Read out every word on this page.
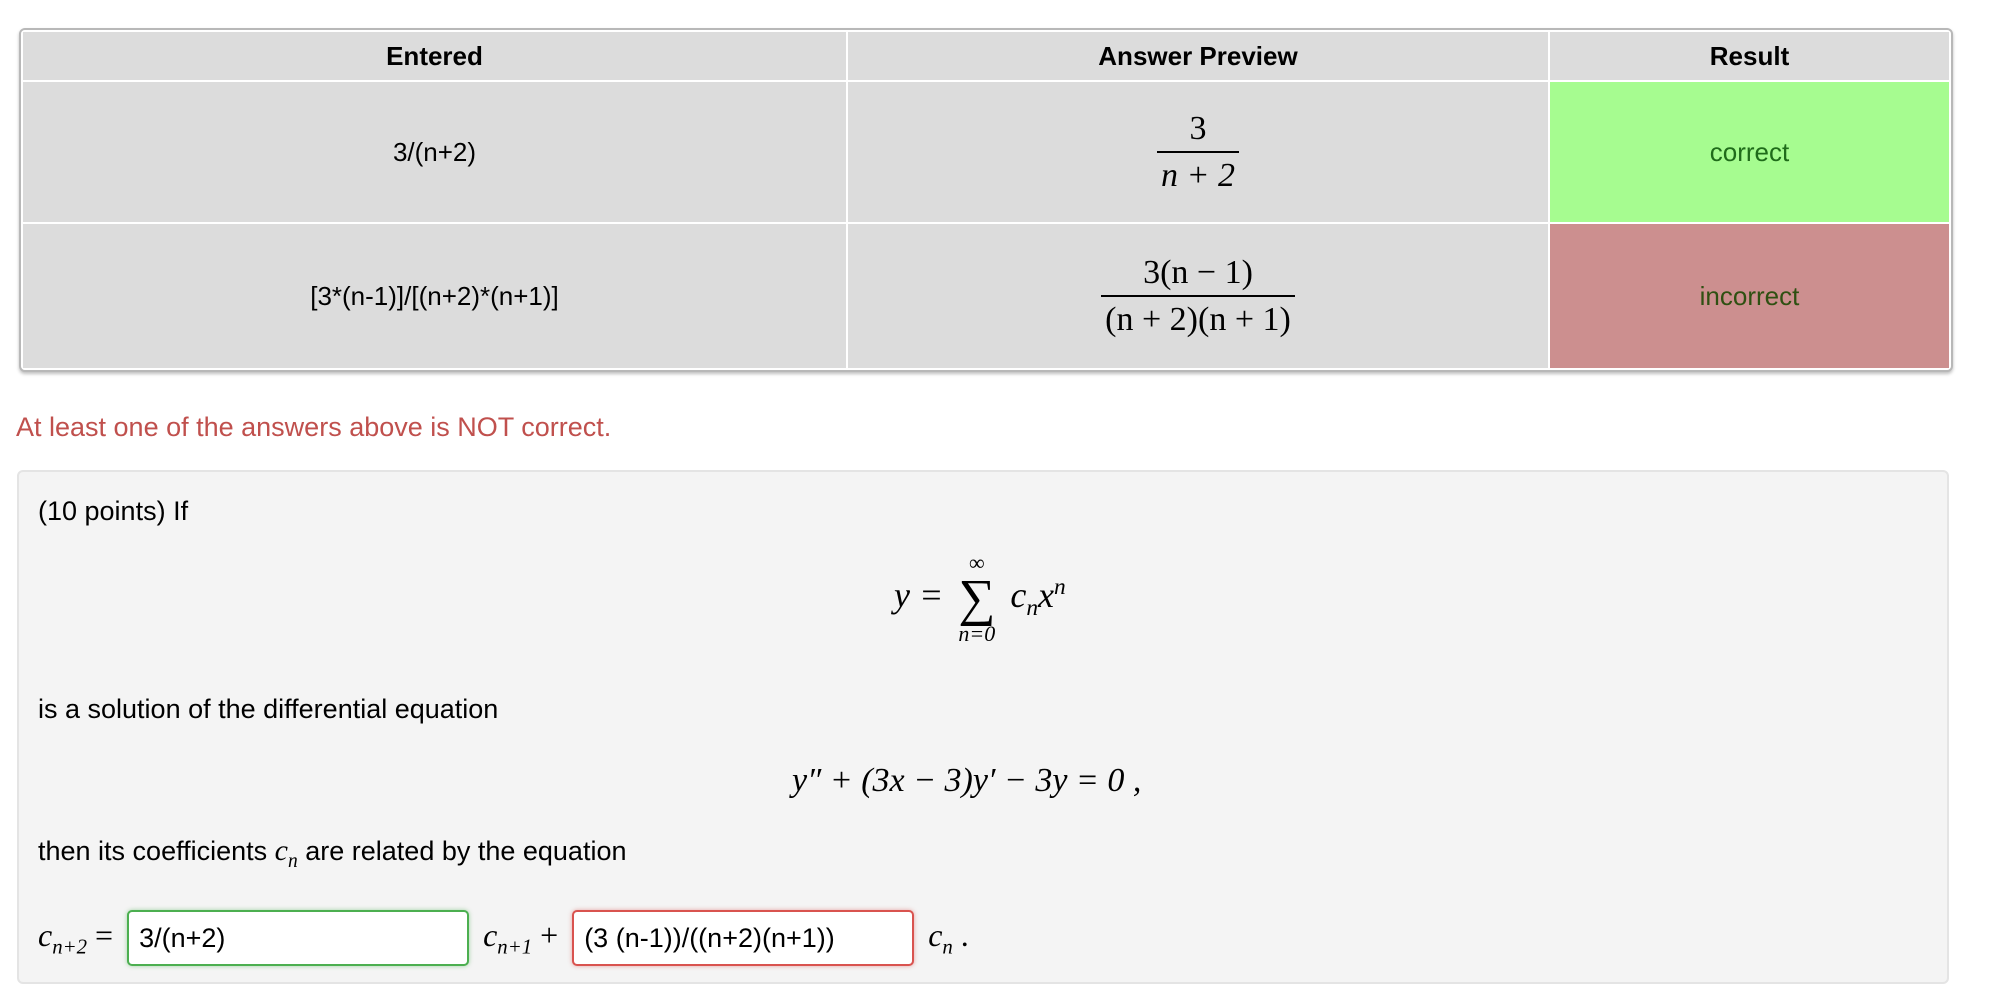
Entered	Answer Preview	Result
3/(n+2)	$\frac{3}{n + 2}$	correct
[3*(n-1)]/[(n+2)*(n+1)]	$\frac{3(n - 1)}{(n + 2)(n + 1)}$	incorrect
At least one of the answers above is NOT correct.
(10 points) If
y =
∞
∑
n=0
$c_nx^n$
is a solution of the differential equation
y″ + (3x − 3)y′ − 3y = 0 ,
then its coefficients $c_n$ are related by the equation
$c_{n+2}$ =
3/(n+2)	$c_{n+1}$ +
(3 (n-1))/((n+2)(n+1))	$c_n$ .
